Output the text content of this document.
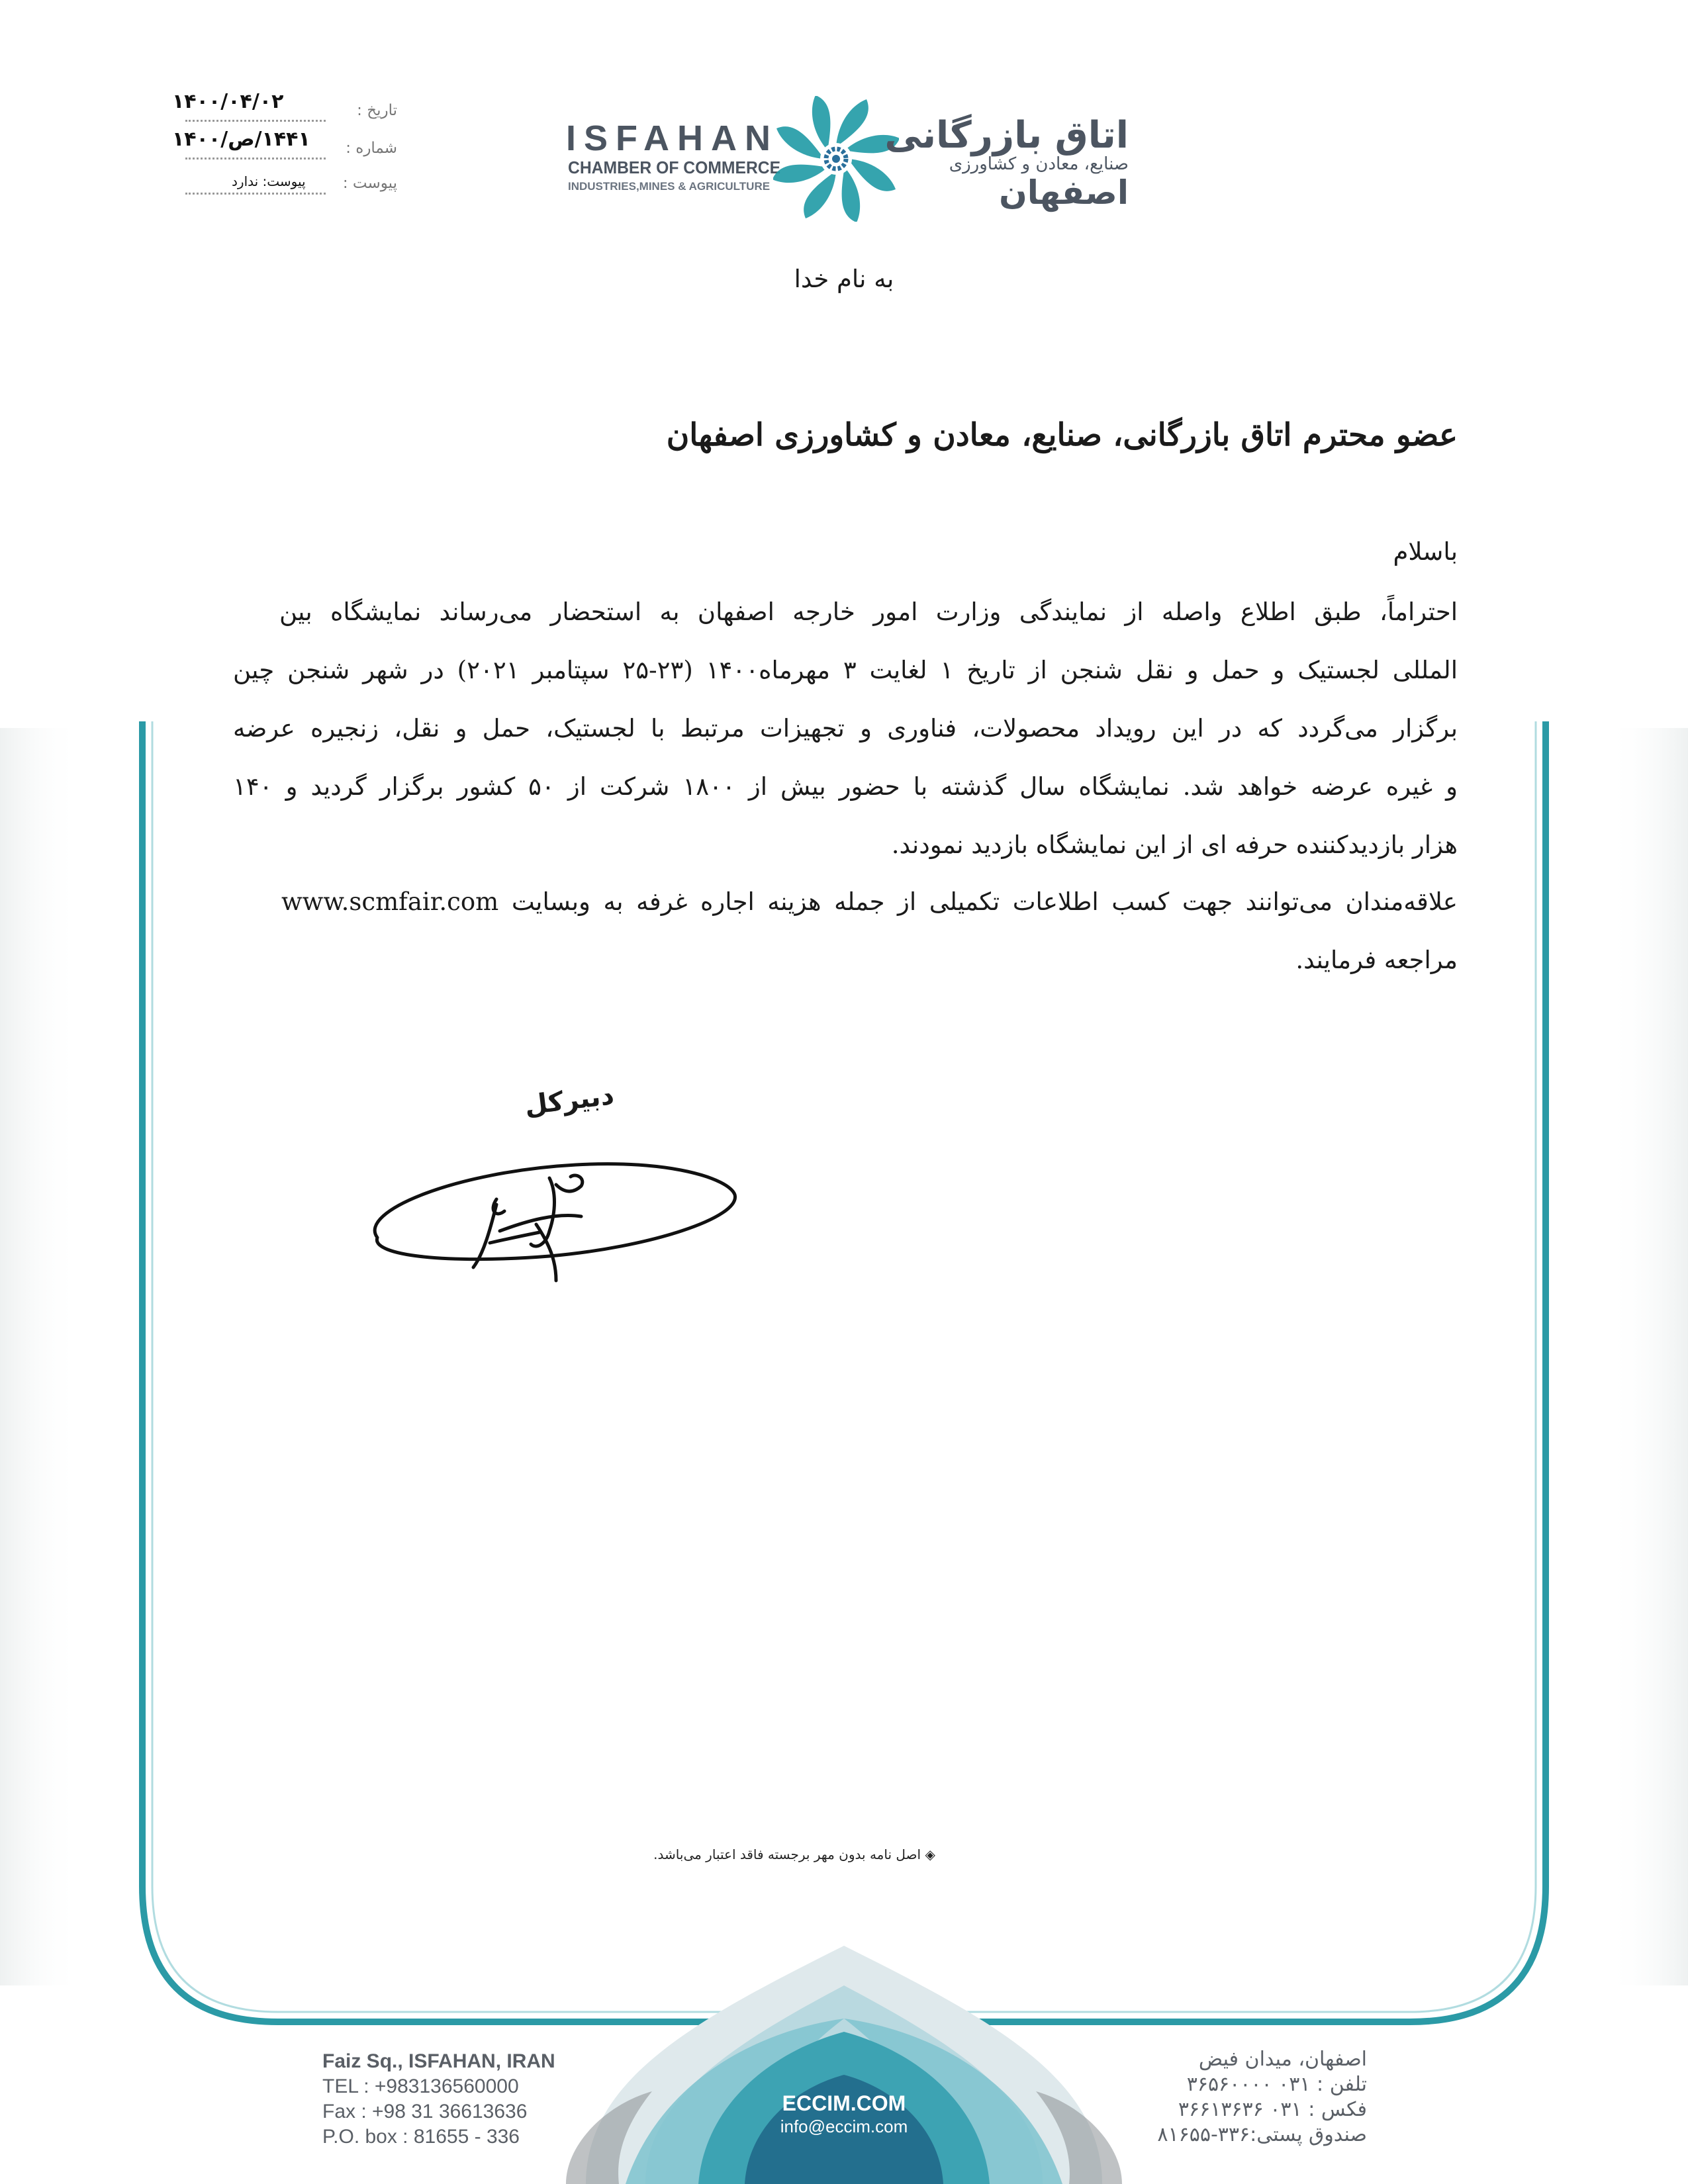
تاریخ :
۱۴۰۰/۰۴/۰۲
شماره :
۱۴۴۱/ص/۱۴۰۰
پیوست :
پیوست: ندارد
ISFAHAN
CHAMBER OF COMMERCE
INDUSTRIES,MINES & AGRICULTURE
اتاق بازرگانی
صنایع، معادن و کشاورزی
اصفهان
به نام خدا
عضو محترم اتاق بازرگانی، صنایع، معادن و کشاورزی اصفهان
باسلام
احتراماً، طبق اطلاع واصله از نمایندگی وزارت امور خارجه اصفهان به استحضار می‌رساند نمایشگاه بین
المللی لجستیک و حمل و نقل شنجن از تاریخ ۱ لغایت ۳ مهرماه۱۴۰۰ (۲۳-۲۵ سپتامبر ۲۰۲۱) در شهر شنجن چین
برگزار می‌گردد که در این رویداد محصولات، فناوری و تجهیزات مرتبط با لجستیک، حمل و نقل، زنجیره عرضه
و غیره عرضه خواهد شد. نمایشگاه سال گذشته با حضور بیش از ۱۸۰۰ شرکت از ۵۰ کشور برگزار گردید و ۱۴۰
هزار بازدیدکننده حرفه ای از این نمایشگاه بازدید نمودند.
علاقه‌مندان می‌توانند جهت کسب اطلاعات تکمیلی از جمله هزینه اجاره غرفه به وبسایت www.scmfair.com
مراجعه فرمایند.
دبیرکل
◈ اصل نامه بدون مهر برجسته فاقد اعتبار می‌باشد.
Faiz Sq., ISFAHAN, IRAN
TEL : +983136560000
Fax : +98 31 36613636
P.O. box : 81655 - 336
اصفهان، میدان فیض
تلفن : ۰۳۱ ۳۶۵۶۰۰۰۰
فکس : ۰۳۱ ۳۶۶۱۳۶۳۶
صندوق پستی:۳۳۶-۸۱۶۵۵
ECCIM.COM
info@eccim.com
